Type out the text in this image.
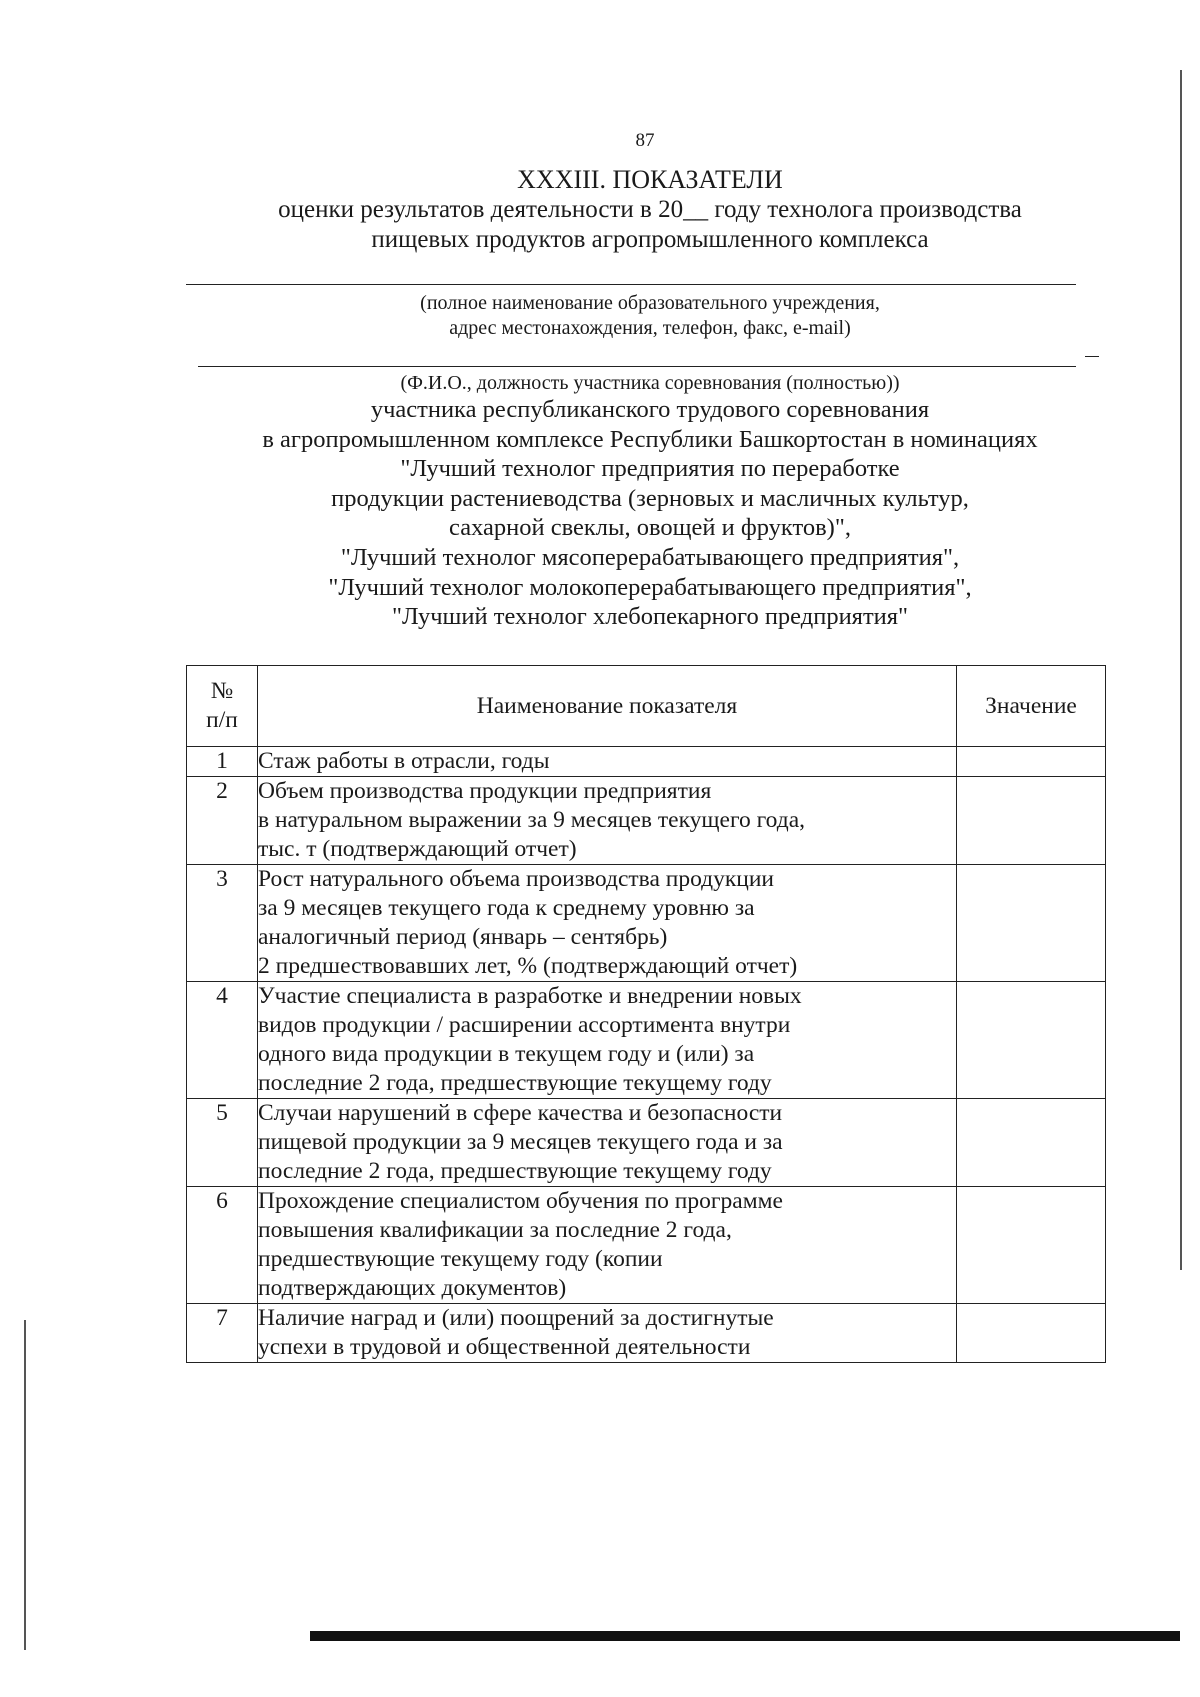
87
XXXIII. ПОКАЗАТЕЛИ
оценки результатов деятельности в 20__ году технолога производства
пищевых продуктов агропромышленного комплекса
(полное наименование образовательного учреждения,
адрес местонахождения, телефон, факс, e-mail)
(Ф.И.О., должность участника соревнования (полностью))
участника республиканского трудового соревнования
в агропромышленном комплексе Республики Башкортостан в номинациях
"Лучший технолог предприятия по переработке
продукции растениеводства (зерновых и масличных культур,
сахарной свеклы, овощей и фруктов)",
"Лучший технолог мясоперерабатывающего предприятия",
"Лучший технолог молокоперерабатывающего предприятия",
"Лучший технолог хлебопекарного предприятия"
№
п/п	Наименование показателя	Значение
1	Стаж работы в отрасли, годы	

2	Объем производства продукции предприятия
в натуральном выражении за 9 месяцев текущего года,
тыс. т (подтверждающий отчет)	

3	Рост натурального объема производства продукции
за 9 месяцев текущего года к среднему уровню за
аналогичный период (январь – сентябрь)
2 предшествовавших лет, % (подтверждающий отчет)	

4	Участие специалиста в разработке и внедрении новых
видов продукции / расширении ассортимента внутри
одного вида продукции в текущем году и (или) за
последние 2 года, предшествующие текущему году	

5	Случаи нарушений в сфере качества и безопасности
пищевой продукции за 9 месяцев текущего года и за
последние 2 года, предшествующие текущему году	

6	Прохождение специалистом обучения по программе
повышения квалификации за последние 2 года,
предшествующие текущему году (копии
подтверждающих документов)	

7	Наличие наград и (или) поощрений за достигнутые
успехи в трудовой и общественной деятельности	
